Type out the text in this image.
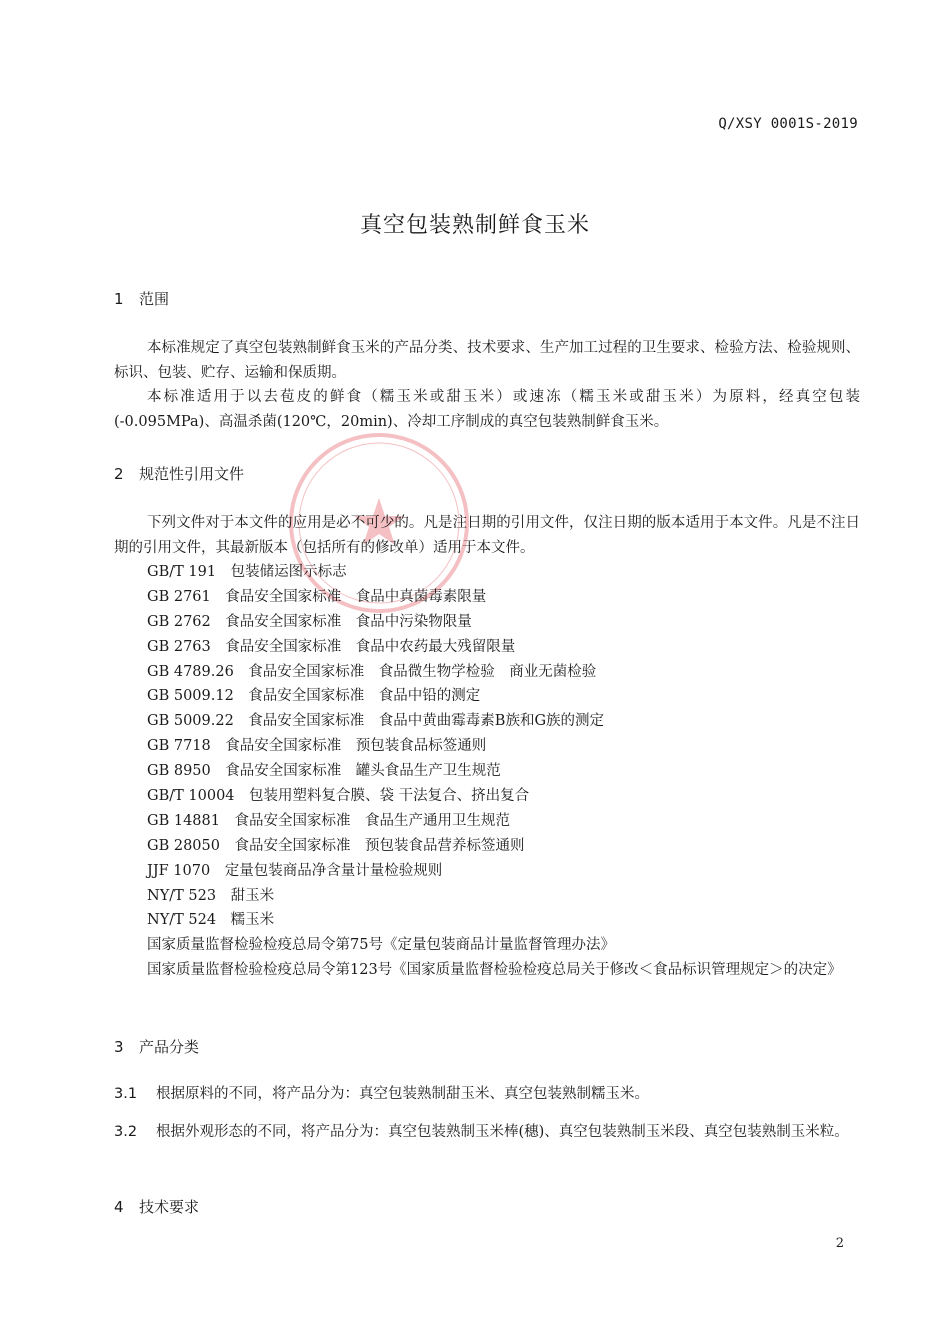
Q/XSY 0001S-2019
真空包装熟制鲜食玉米
1 范围
本标准规定了真空包装熟制鲜食玉米的产品分类、技术要求、生产加工过程的卫生要求、检验方法、检验规则、标识、包装、贮存、运输和保质期。
本标准适用于以去苞皮的鲜食（糯玉米或甜玉米）或速冻（糯玉米或甜玉米）为原料，经真空包装(-0.095MPa)、高温杀菌(120℃，20min)、冷却工序制成的真空包装熟制鲜食玉米。
2 规范性引用文件
下列文件对于本文件的应用是必不可少的。凡是注日期的引用文件，仅注日期的版本适用于本文件。凡是不注日期的引用文件，其最新版本（包括所有的修改单）适用于本文件。
GB/T 191　包装储运图示标志
GB 2761　食品安全国家标准　食品中真菌毒素限量
GB 2762　食品安全国家标准　食品中污染物限量
GB 2763　食品安全国家标准　食品中农药最大残留限量
GB 4789.26　食品安全国家标准　食品微生物学检验　商业无菌检验
GB 5009.12　食品安全国家标准　食品中铅的测定
GB 5009.22　食品安全国家标准　食品中黄曲霉毒素B族和G族的测定
GB 7718　食品安全国家标准　预包装食品标签通则
GB 8950　食品安全国家标准　罐头食品生产卫生规范
GB/T 10004　包装用塑料复合膜、袋 干法复合、挤出复合
GB 14881　食品安全国家标准　食品生产通用卫生规范
GB 28050　食品安全国家标准　预包装食品营养标签通则
JJF 1070　定量包装商品净含量计量检验规则
NY/T 523　甜玉米
NY/T 524　糯玉米
国家质量监督检验检疫总局令第75号《定量包装商品计量监督管理办法》
国家质量监督检验检疫总局令第123号《国家质量监督检验检疫总局关于修改＜食品标识管理规定＞的决定》
3 产品分类
3.1 根据原料的不同，将产品分为：真空包装熟制甜玉米、真空包装熟制糯玉米。
3.2 根据外观形态的不同，将产品分为：真空包装熟制玉米棒(穗)、真空包装熟制玉米段、真空包装熟制玉米粒。
4 技术要求
2
